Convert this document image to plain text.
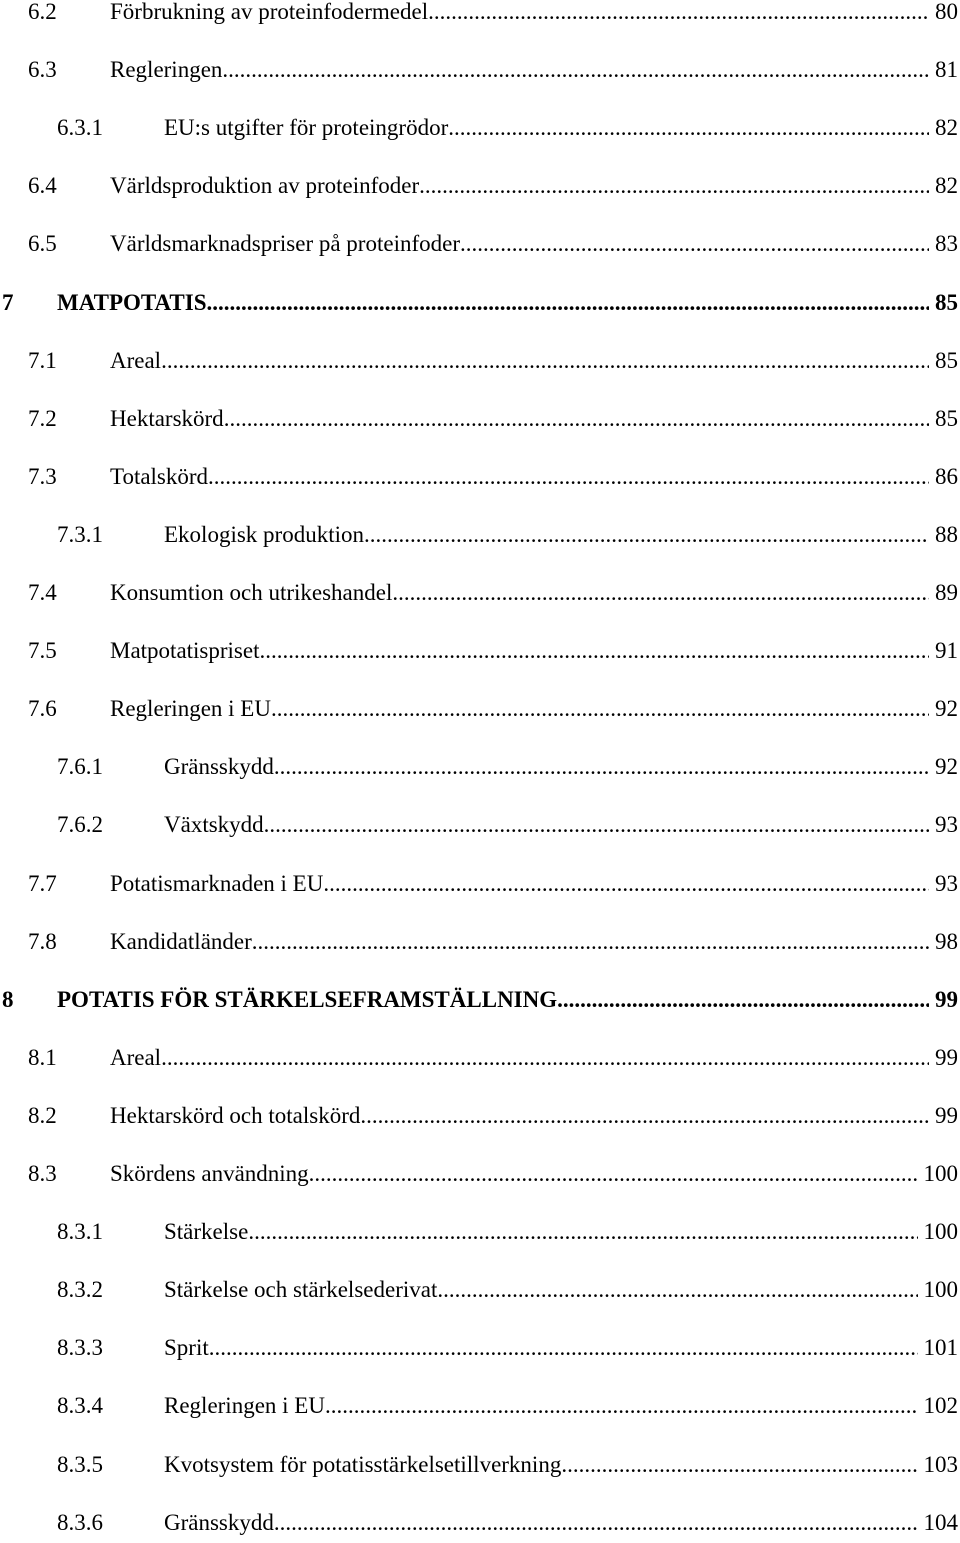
6.2 Förbrukning av proteinfodermedel .....	80
6.3 Regleringen .....	81
6.3.1	EU:s utgifter för proteingrödor .....	82
6.4 Världsproduktion av proteinfoder .....	82
6.5 Världsmarknadspriser på proteinfoder .....	83
7 MATPOTATIS .....	85
7.1 Areal .....	85
7.2 Hektarskörd .....	85
7.3 Totalskörd .....	86
7.3.1	Ekologisk produktion .....	88
7.4 Konsumtion och utrikeshandel .....	89
7.5 Matpotatispriset .....	91
7.6 Regleringen i EU .....	92
7.6.1	Gränsskydd .....	92
7.6.2	Växtskydd .....	93
7.7 Potatismarknaden i EU .....	93
7.8 Kandidatländer .....	98
8 POTATIS FÖR STÄRKELSEFRAMSTÄLLNING .....	99
8.1 Areal .....	99
8.2 Hektarskörd och totalskörd .....	99
8.3 Skördens användning .....	100
8.3.1	Stärkelse .....	100
8.3.2	Stärkelse och stärkelsederivat .....	100
8.3.3	Sprit .....	101
8.3.4	Regleringen i EU .....	102
8.3.5	Kvotsystem för potatisstärkelsetillverkning .....	103
8.3.6	Gränsskydd .....	104
